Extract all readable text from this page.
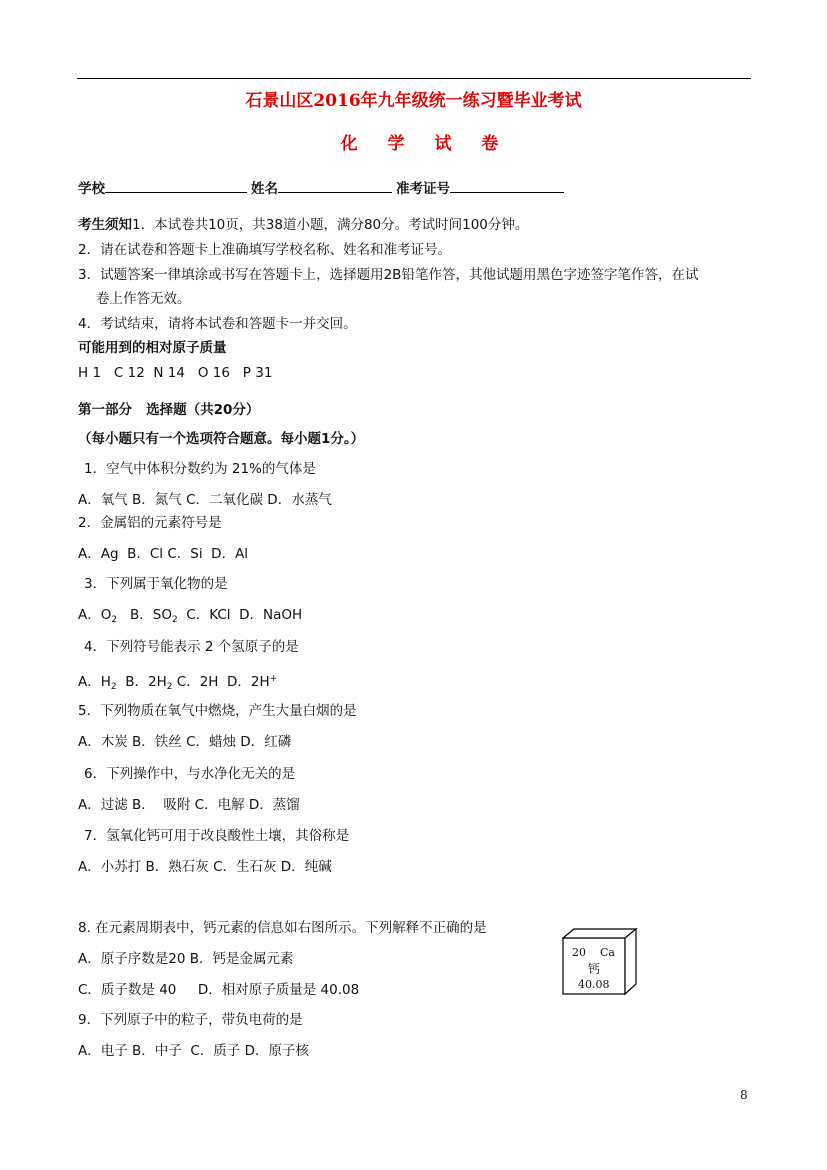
石景山区2016年九年级统一练习暨毕业考试
化 学 试 卷
学校	姓名	准考证号
考生须知1．本试卷共10页，共38道小题，满分80分。考试时间100分钟。
2．请在试卷和答题卡上准确填写学校名称、姓名和准考证号。
3．试题答案一律填涂或书写在答题卡上，选择题用2B铅笔作答，其他试题用黑色字迹签字笔作答，在试
卷上作答无效。
4．考试结束，请将本试卷和答题卡一并交回。
可能用到的相对原子质量
H 1   C 12  N 14   O 16   P 31
第一部分   选择题（共20分）
（每小题只有一个选项符合题意。每小题1分。）
1．空气中体积分数约为 21%的气体是
A．氧气 B．氮气 C．二氧化碳 D．水蒸气
2．金属铝的元素符号是
A．Ag  B．Cl C．Si  D．Al
3．下列属于氧化物的是
A．$O_2$ B．$SO_2$ C．KCl  D．NaOH
4．下列符号能表示 2 个氢原子的是
A．$H_2$ B．$2H_2$ C．2H  D．2H+
5．下列物质在氧气中燃烧，产生大量白烟的是
A．木炭 B．铁丝 C．蜡烛 D．红磷
6．下列操作中，与水净化无关的是
A．过滤 B．  吸附 C．电解 D．蒸馏
7．氢氧化钙可用于改良酸性土壤，其俗称是
A．小苏打 B．熟石灰 C．生石灰 D．纯碱
8. 在元素周期表中，钙元素的信息如右图所示。下列解释不正确的是
A．原子序数是20 B．钙是金属元素
C．质子数是 40     D．相对原子质量是 40.08
20 Ca
钙
40.08
9．下列原子中的粒子，带负电荷的是
A．电子 B．中子  C．质子 D．原子核
8
